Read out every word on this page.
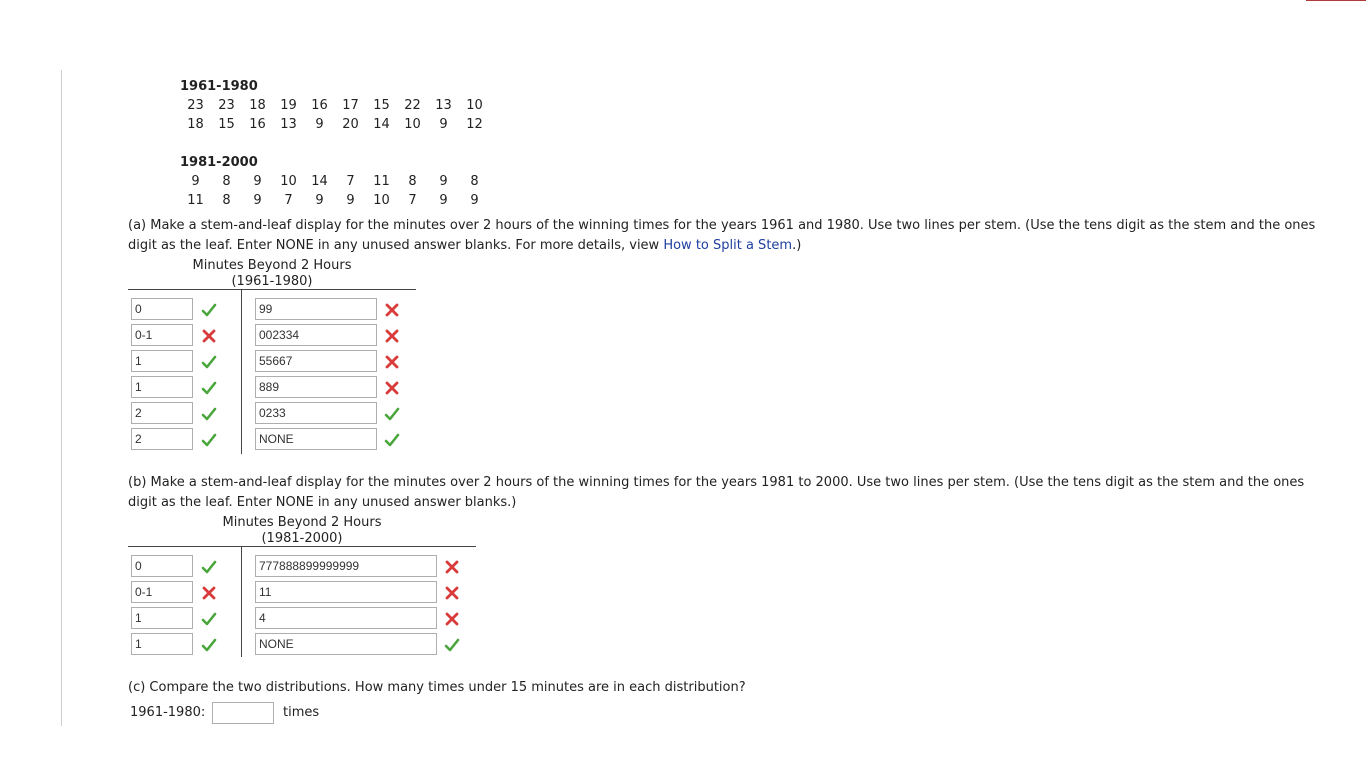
1961-1980
23	23	18	19	16	17	15	22	13	10
18	15	16	13	9	20	14	10	9	12
1981-2000
9	8	9	10	14	7	11	8	9	8
11	8	9	7	9	9	10	7	9	9
(a) Make a stem-and-leaf display for the minutes over 2 hours of the winning times for the years 1961 and 1980. Use two lines per stem. (Use the tens digit as the stem and the ones digit as the leaf. Enter NONE in any unused answer blanks. For more details, view How to Split a Stem.)
Minutes Beyond 2 Hours
(1961-1980)
0	99
0-1	002334
1	55667
1	889
2	0233
2	NONE
(b) Make a stem-and-leaf display for the minutes over 2 hours of the winning times for the years 1981 to 2000. Use two lines per stem. (Use the tens digit as the stem and the ones digit as the leaf. Enter NONE in any unused answer blanks.)
Minutes Beyond 2 Hours
(1981-2000)
0	777888899999999
0-1	11
1	4
1	NONE
(c) Compare the two distributions. How many times under 15 minutes are in each distribution?
1961-1980:	times
